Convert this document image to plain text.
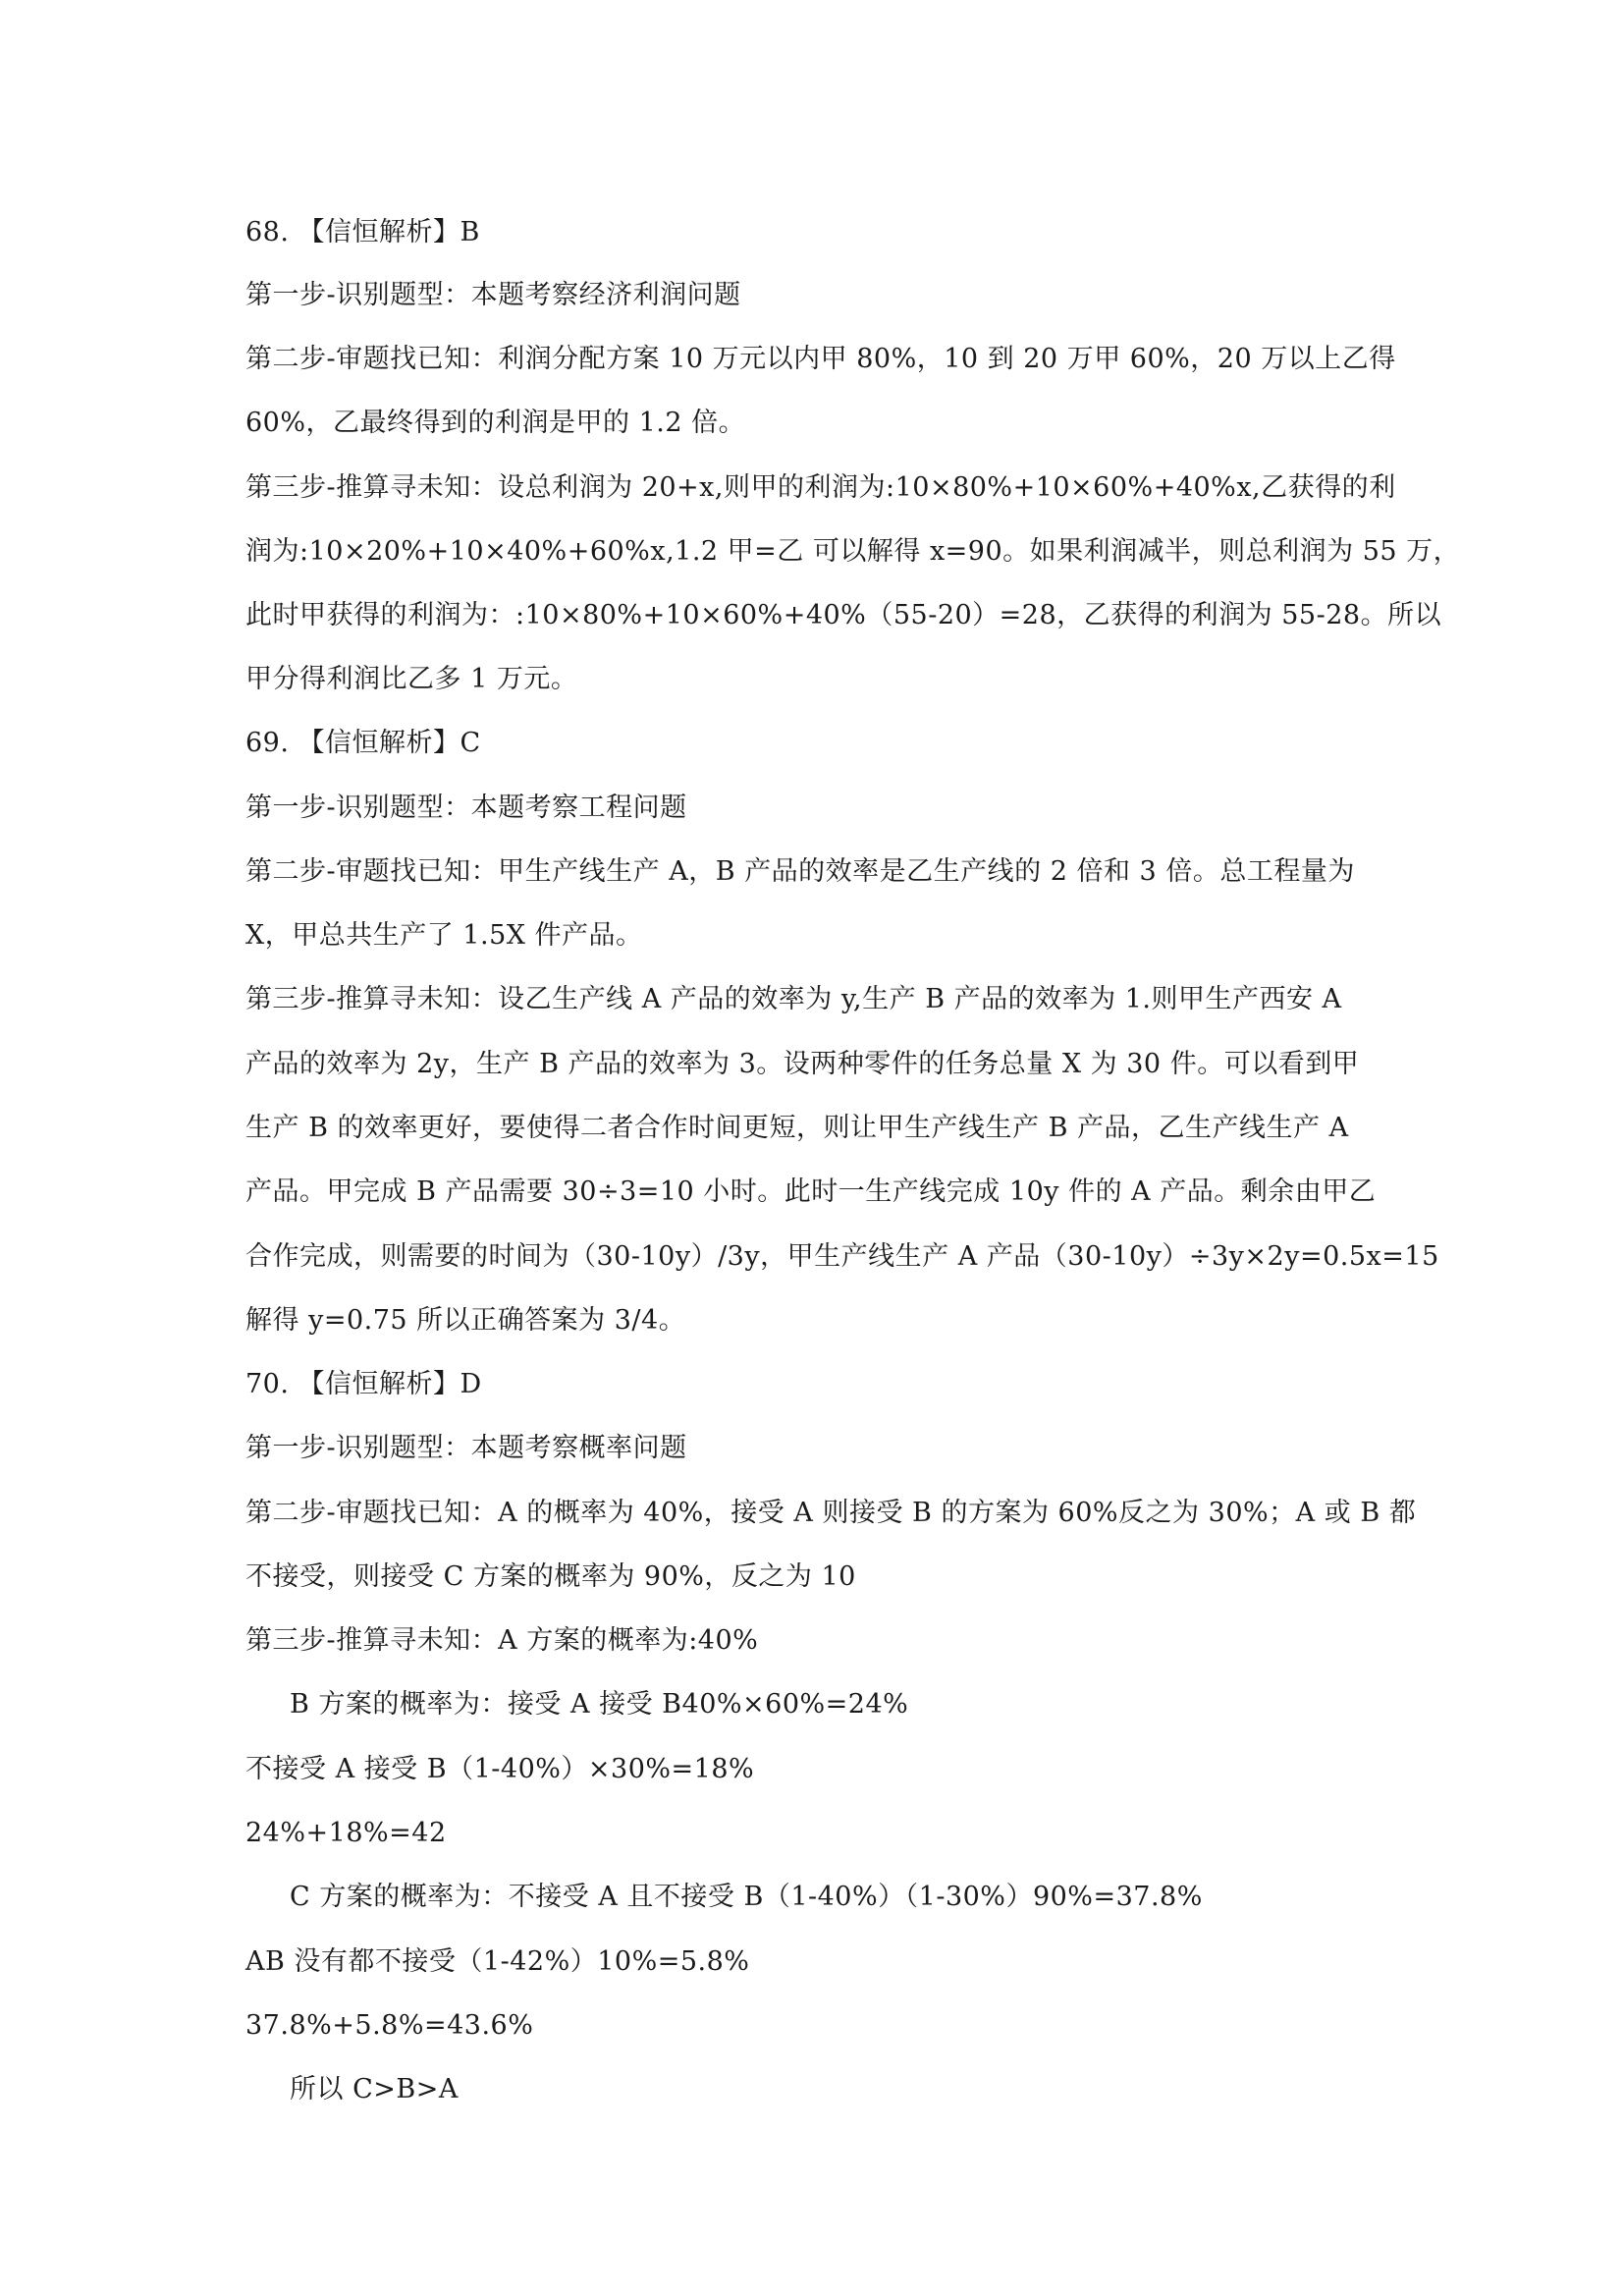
68. 【信恒解析】B
第一步-识别题型：本题考察经济利润问题
第二步-审题找已知：利润分配方案 10 万元以内甲 80%，10 到 20 万甲 60%，20 万以上乙得
60%，乙最终得到的利润是甲的 1.2 倍。
第三步-推算寻未知：设总利润为 20+x,则甲的利润为:10×80%+10×60%+40%x,乙获得的利
润为:10×20%+10×40%+60%x,1.2 甲=乙 可以解得 x=90。如果利润减半，则总利润为 55 万，
此时甲获得的利润为：:10×80%+10×60%+40%（55-20）=28，乙获得的利润为 55-28。所以
甲分得利润比乙多 1 万元。
69. 【信恒解析】C
第一步-识别题型：本题考察工程问题
第二步-审题找已知：甲生产线生产 A，B 产品的效率是乙生产线的 2 倍和 3 倍。总工程量为
X，甲总共生产了 1.5X 件产品。
第三步-推算寻未知：设乙生产线 A 产品的效率为 y,生产 B 产品的效率为 1.则甲生产西安 A
产品的效率为 2y，生产 B 产品的效率为 3。设两种零件的任务总量 X 为 30 件。可以看到甲
生产 B 的效率更好，要使得二者合作时间更短，则让甲生产线生产 B 产品，乙生产线生产 A
产品。甲完成 B 产品需要 30÷3=10 小时。此时一生产线完成 10y 件的 A 产品。剩余由甲乙
合作完成，则需要的时间为（30-10y）/3y，甲生产线生产 A 产品（30-10y）÷3y×2y=0.5x=15
解得 y=0.75 所以正确答案为 3/4。
70. 【信恒解析】D
第一步-识别题型：本题考察概率问题
第二步-审题找已知：A 的概率为 40%，接受 A 则接受 B 的方案为 60%反之为 30%；A 或 B 都
不接受，则接受 C 方案的概率为 90%，反之为 10
第三步-推算寻未知：A 方案的概率为:40%
B 方案的概率为：接受 A 接受 B40%×60%=24%
不接受 A 接受 B（1-40%）×30%=18%
24%+18%=42
C 方案的概率为：不接受 A 且不接受 B（1-40%）（1-30%）90%=37.8%
AB 没有都不接受（1-42%）10%=5.8%
37.8%+5.8%=43.6%
所以 C>B>A
